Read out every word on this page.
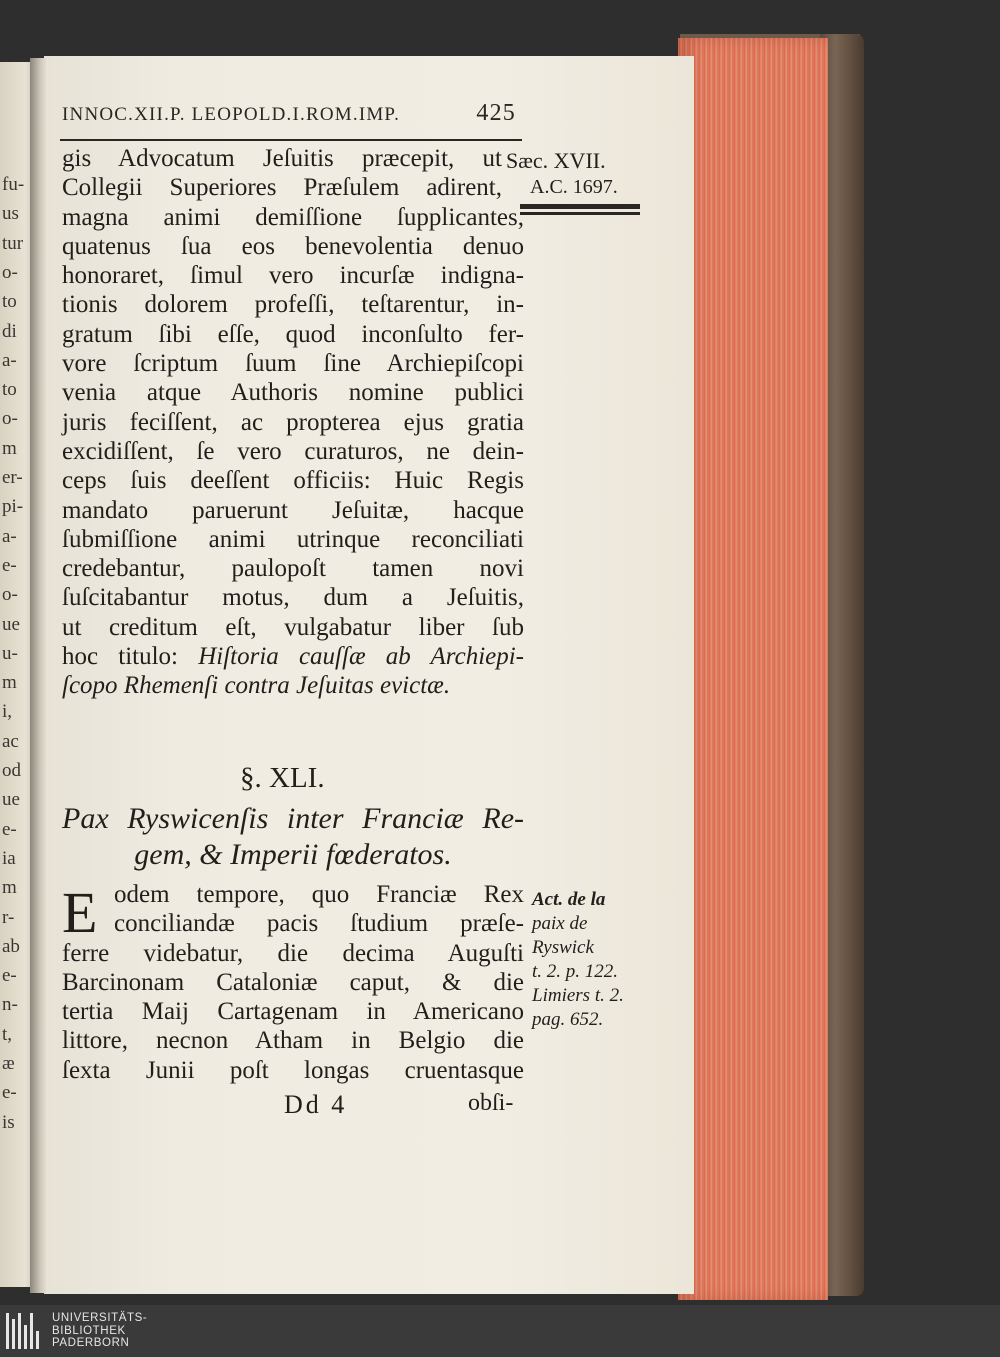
fu-
us
tur
o-
to
di
a-
to
o-
m
er-
pi-
a-
e-
o-
ue
u-
m
i,
ac
od
ue
e-
ia
m
r-
ab
e-
n-
t,
æ
e-
is
INNOC.XII.P. LEOPOLD.I.ROM.IMP.	425
Sæc. XVII.
A.C. 1697.
gis Advocatum Jeſuitis præcepit, ut
Collegii Superiores Præſulem adirent,
magna animi demiſſione ſupplicantes,
quatenus ſua eos benevolentia denuo
honoraret, ſimul vero incurſæ indigna-
tionis dolorem profeſſi, teſtarentur, in-
gratum ſibi eſſe, quod inconſulto fer-
vore ſcriptum ſuum ſine Archiepiſcopi
venia atque Authoris nomine publici
juris feciſſent, ac propterea ejus gratia
excidiſſent, ſe vero curaturos, ne dein-
ceps ſuis deeſſent officiis: Huic Regis
mandato paruerunt Jeſuitæ, hacque
ſubmiſſione animi utrinque reconciliati
credebantur, paulopoſt tamen novi
ſuſcitabantur motus, dum a Jeſuitis,
ut creditum eſt, vulgabatur liber ſub
hoc titulo: Hiſtoria cauſſæ ab Archiepi-
ſcopo Rhemenſi contra Jeſuitas evictæ.
§. XLI.
Pax Ryswicenſis inter Franciæ Re-
gem, & Imperii fœderatos.
E odem tempore, quo Franciæ Rex
conciliandæ pacis ſtudium præſe-
ferre videbatur, die decima Auguſti
Barcinonam Cataloniæ caput, & die
tertia Maij Cartagenam in Americano
littore, necnon Atham in Belgio die
ſexta Junii poſt longas cruentasque
Act. de la
paix de
Ryswick
t. 2. p. 122.
Limiers t. 2.
pag. 652.
Dd 4	obſi-
UNIVERSITÄTS-
BIBLIOTHEK
PADERBORN
